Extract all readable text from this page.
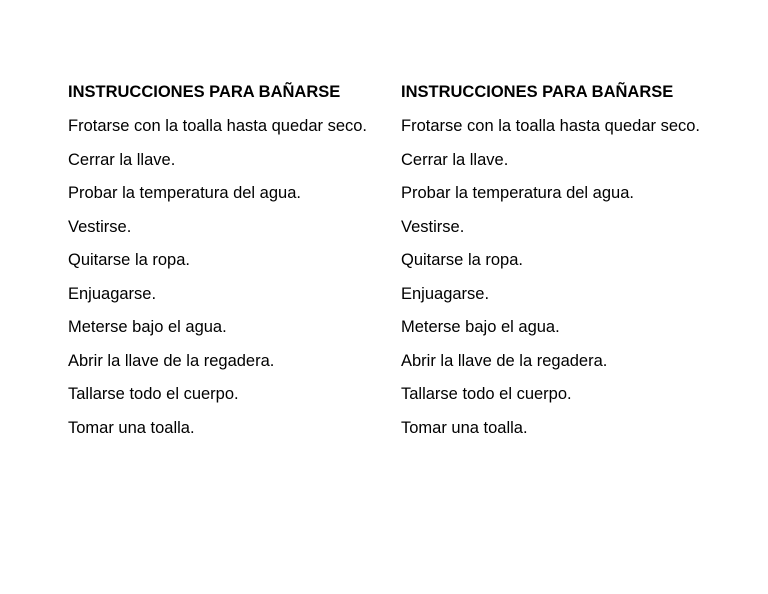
INSTRUCCIONES PARA BAÑARSE
Frotarse con la toalla hasta quedar seco.
Cerrar la llave.
Probar la temperatura del agua.
Vestirse.
Quitarse la ropa.
Enjuagarse.
Meterse bajo el agua.
Abrir la llave de la regadera.
Tallarse todo el cuerpo.
Tomar una toalla.
INSTRUCCIONES PARA BAÑARSE
Frotarse con la toalla hasta quedar seco.
Cerrar la llave.
Probar la temperatura del agua.
Vestirse.
Quitarse la ropa.
Enjuagarse.
Meterse bajo el agua.
Abrir la llave de la regadera.
Tallarse todo el cuerpo.
Tomar una toalla.
